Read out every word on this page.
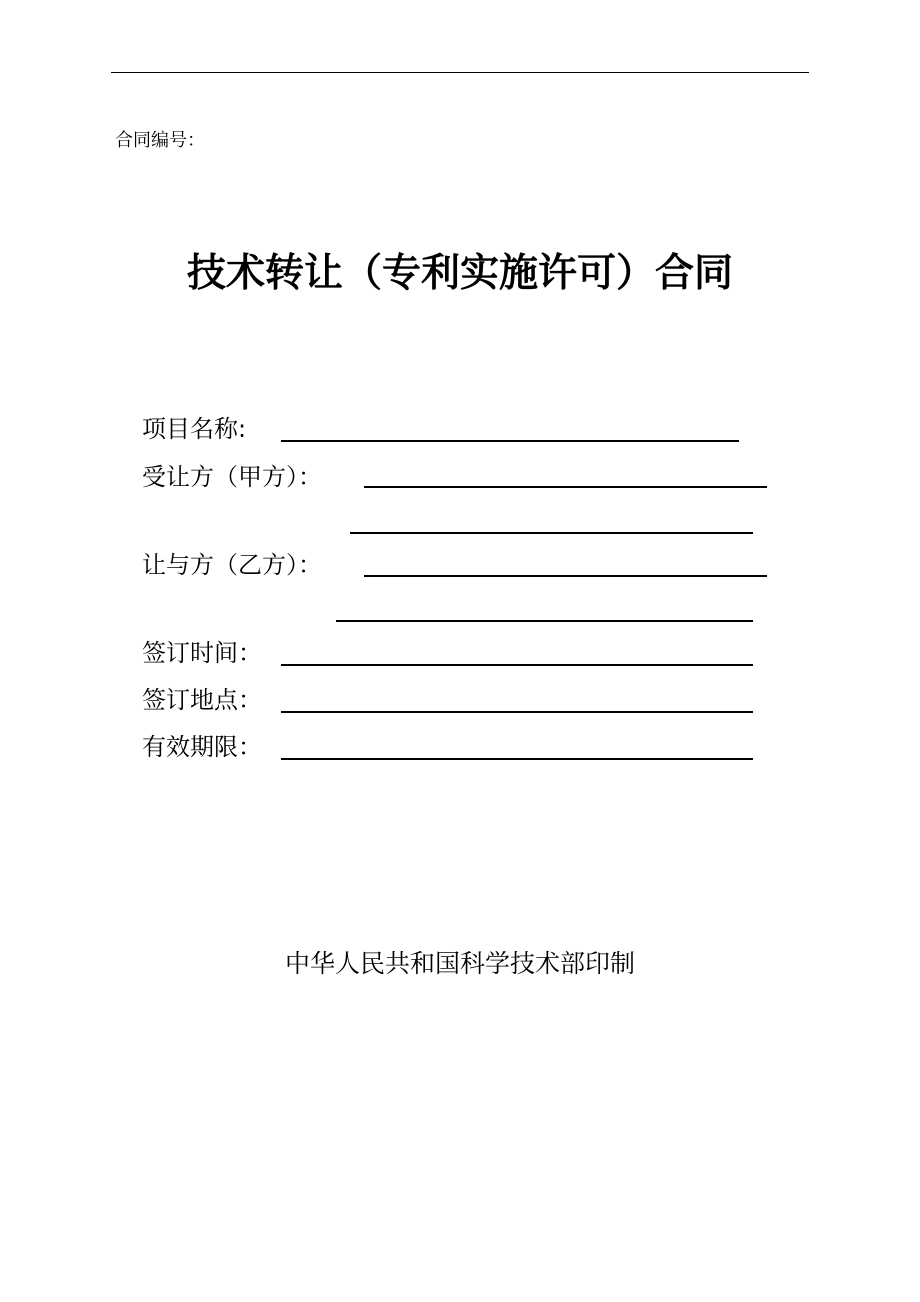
合同编号：
技术转让（专利实施许可）合同
项目名称:
受让方（甲方）：
让与方（乙方）：
签订时间：
签订地点：
有效期限：
中华人民共和国科学技术部印制
